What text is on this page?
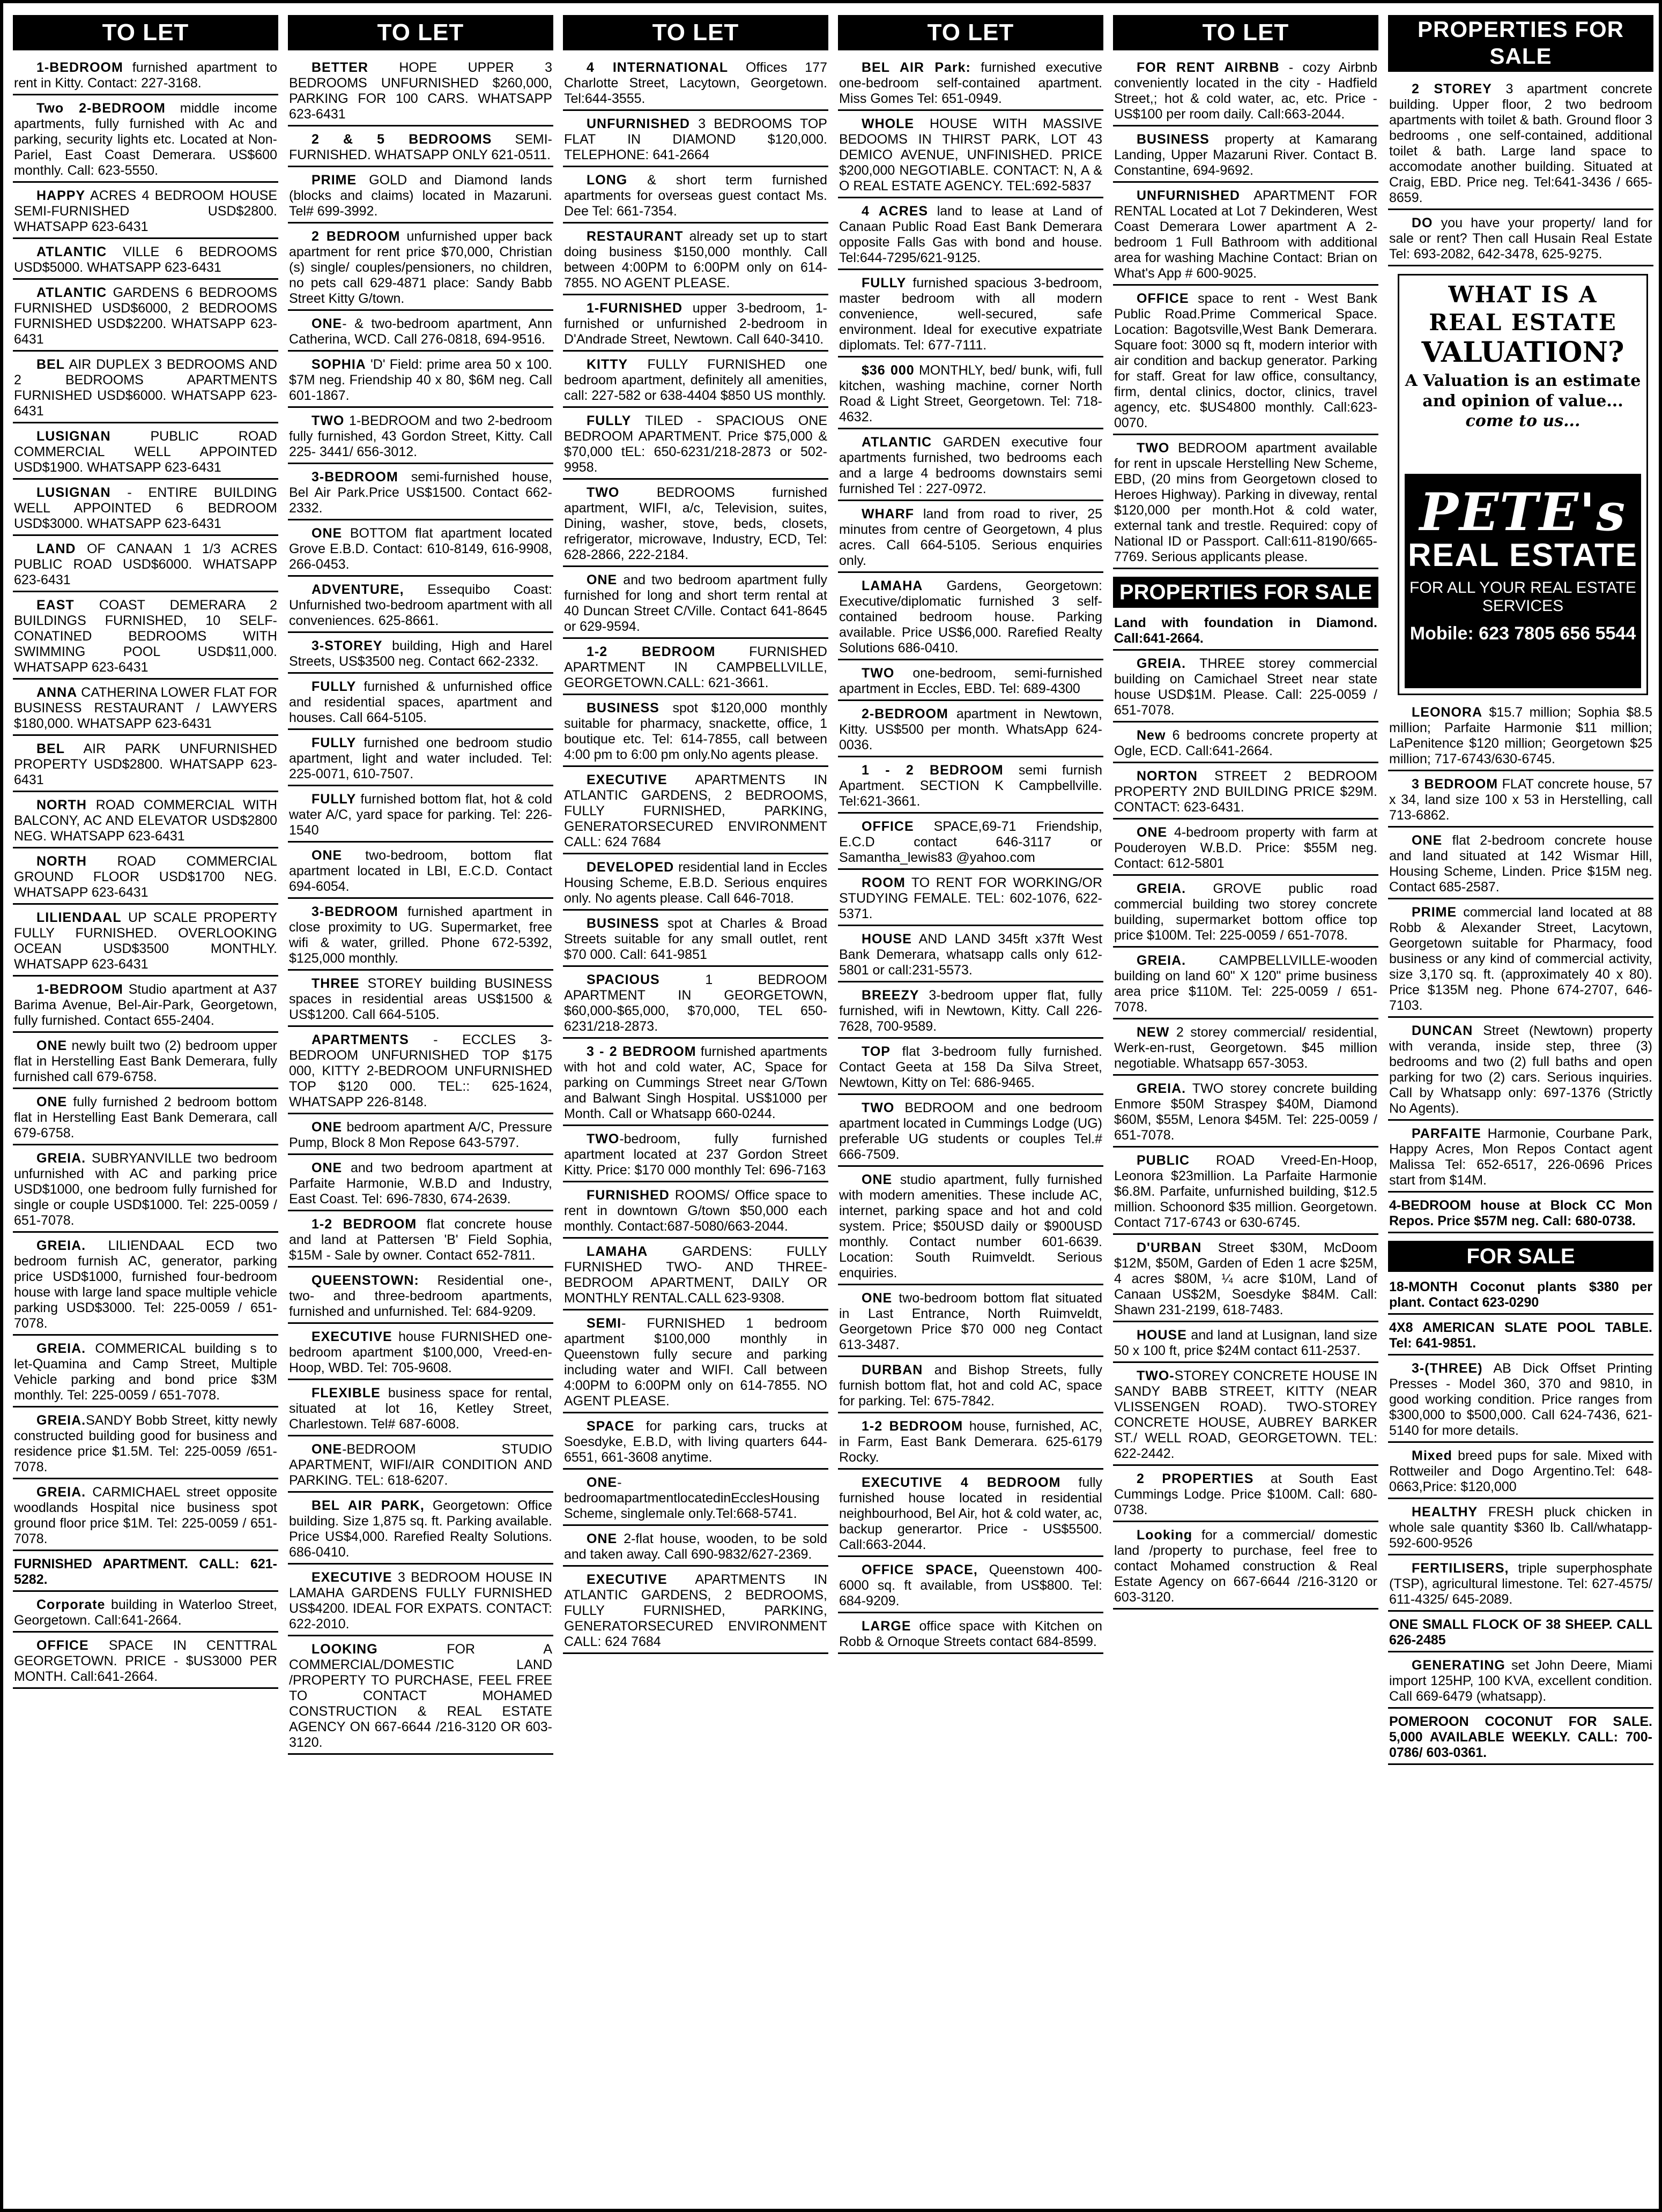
TO LET

1-BEDROOM furnished apartment to rent in Kitty. Contact: 227-3168.

Two 2-BEDROOM middle income apartments, fully furnished with Ac and parking, security lights etc. Located at Non-Pariel, East Coast Demerara. US$600 monthly. Call: 623-5550.

HAPPY ACRES 4 BEDROOM HOUSE SEMI-FURNISHED USD$2800. WHATSAPP 623-6431

ATLANTIC VILLE 6 BEDROOMS USD$5000. WHATSAPP 623-6431

ATLANTIC GARDENS 6 BEDROOMS FURNISHED USD$6000, 2 BEDROOMS FURNISHED USD$2200. WHATSAPP 623-6431

BEL AIR DUPLEX 3 BEDROOMS AND 2 BEDROOMS APARTMENTS FURNISHED USD$6000. WHATSAPP 623-6431

LUSIGNAN PUBLIC ROAD COMMERCIAL WELL APPOINTED USD$1900. WHATSAPP 623-6431

LUSIGNAN - ENTIRE BUILDING WELL APPOINTED 6 BEDROOM USD$3000. WHATSAPP 623-6431

LAND OF CANAAN 1 1/3 ACRES PUBLIC ROAD USD$6000. WHATSAPP 623-6431

EAST COAST DEMERARA 2 BUILDINGS FURNISHED, 10 SELF-CONATINED BEDROOMS WITH SWIMMING POOL USD$11,000. WHATSAPP 623-6431

ANNA CATHERINA LOWER FLAT FOR BUSINESS RESTAURANT / LAWYERS $180,000. WHATSAPP 623-6431

BEL AIR PARK UNFURNISHED PROPERTY USD$2800. WHATSAPP 623-6431

NORTH ROAD COMMERCIAL WITH BALCONY, AC AND ELEVATOR USD$2800 NEG. WHATSAPP 623-6431

NORTH ROAD COMMERCIAL GROUND FLOOR USD$1700 NEG. WHATSAPP 623-6431

LILIENDAAL UP SCALE PROPERTY FULLY FURNISHED. OVERLOOKING OCEAN USD$3500 MONTHLY. WHATSAPP 623-6431

1-BEDROOM Studio apartment at A37 Barima Avenue, Bel-Air-Park, Georgetown, fully furnished. Contact 655-2404.

ONE newly built two (2) bedroom upper flat in Herstelling East Bank Demerara, fully furnished call 679-6758.

ONE fully furnished 2 bedroom bottom flat in Herstelling East Bank Demerara, call 679-6758.

GREIA. SUBRYANVILLE two bedroom unfurnished with AC and parking price USD$1000, one bedroom fully furnished for single or couple USD$1000. Tel: 225-0059 / 651-7078.

GREIA. LILIENDAAL ECD two bedroom furnish AC, generator, parking price USD$1000, furnished four-bedroom house with large land space multiple vehicle parking USD$3000. Tel: 225-0059 / 651-7078.

GREIA. COMMERICAL building s to let-Quamina and Camp Street, Multiple Vehicle parking and bond price $3M monthly. Tel: 225-0059 / 651-7078.

GREIA.SANDY Bobb Street, kitty newly constructed building good for business and residence price $1.5M. Tel: 225-0059 /651-7078.

GREIA. CARMICHAEL street opposite woodlands Hospital nice business spot ground floor price $1M. Tel: 225-0059 / 651-7078.

FURNISHED APARTMENT. CALL: 621-5282.

Corporate building in Waterloo Street, Georgetown. Call:641-2664.

OFFICE SPACE IN CENTTRAL GEORGETOWN. PRICE - $US3000 PER MONTH. Call:641-2664.

TO LET

BETTER HOPE UPPER 3 BEDROOMS UNFURNISHED $260,000, PARKING FOR 100 CARS. WHATSAPP 623-6431

2 & 5 BEDROOMS SEMI-FURNISHED. WHATSAPP ONLY 621-0511.

PRIME GOLD and Diamond lands (blocks and claims) located in Mazaruni. Tel# 699-3992.

2 BEDROOM unfurnished upper back apartment for rent price $70,000, Christian (s) single/ couples/pensioners, no children, no pets call 629-4871 place: Sandy Babb Street Kitty G/town.

ONE- & two-bedroom apartment, Ann Catherina, WCD. Call 276-0818, 694-9516.

SOPHIA 'D' Field: prime area 50 x 100. $7M neg. Friendship 40 x 80, $6M neg. Call 601-1867.

TWO 1-BEDROOM and two 2-bedroom fully furnished, 43 Gordon Street, Kitty. Call 225- 3441/ 656-3012.

3-BEDROOM semi-furnished house, Bel Air Park.Price US$1500. Contact 662-2332.

ONE BOTTOM flat apartment located Grove E.B.D. Contact: 610-8149, 616-9908, 266-0453.

ADVENTURE, Essequibo Coast: Unfurnished two-bedroom apartment with all conveniences. 625-8661.

3-STOREY building, High and Harel Streets, US$3500 neg. Contact 662-2332.

FULLY furnished & unfurnished office and residential spaces, apartment and houses. Call 664-5105.

FULLY furnished one bedroom studio apartment, light and water included. Tel: 225-0071, 610-7507.

FULLY furnished bottom flat, hot & cold water A/C, yard space for parking. Tel: 226-1540

ONE two-bedroom, bottom flat apartment located in LBI, E.C.D. Contact 694-6054.

3-BEDROOM furnished apartment in close proximity to UG. Supermarket, free wifi & water, grilled. Phone 672-5392, $125,000 monthly.

THREE STOREY building BUSINESS spaces in residential areas US$1500 & US$1200. Call 664-5105.

APARTMENTS - ECCLES 3-BEDROOM UNFURNISHED TOP $175 000, KITTY 2-BEDROOM UNFURNISHED TOP $120 000. TEL:: 625-1624, WHATSAPP 226-8148.

ONE bedroom apartment A/C, Pressure Pump, Block 8 Mon Repose 643-5797.

ONE and two bedroom apartment at Parfaite Harmonie, W.B.D and Industry, East Coast. Tel: 696-7830, 674-2639.

1-2 BEDROOM flat concrete house and land at Pattersen 'B' Field Sophia, $15M - Sale by owner. Contact 652-7811.

QUEENSTOWN: Residential one-, two- and three-bedroom apartments, furnished and unfurnished. Tel: 684-9209.

EXECUTIVE house FURNISHED one-bedroom apartment $100,000, Vreed-en-Hoop, WBD. Tel: 705-9608.

FLEXIBLE business space for rental, situated at lot 16, Ketley Street, Charlestown. Tel# 687-6008.

ONE-BEDROOM STUDIO APARTMENT, WIFI/AIR CONDITION AND PARKING. TEL: 618-6207.

BEL AIR PARK, Georgetown: Office building. Size 1,875 sq. ft. Parking available. Price US$4,000. Rarefied Realty Solutions. 686-0410.

EXECUTIVE 3 BEDROOM HOUSE IN LAMAHA GARDENS FULLY FURNISHED US$4200. IDEAL FOR EXPATS. CONTACT: 622-2010.

LOOKING FOR A COMMERCIAL/DOMESTIC LAND /PROPERTY TO PURCHASE, FEEL FREE TO CONTACT MOHAMED CONSTRUCTION & REAL ESTATE AGENCY ON 667-6644 /216-3120 OR 603-3120.

TO LET

4 INTERNATIONAL Offices 177 Charlotte Street, Lacytown, Georgetown. Tel:644-3555.

UNFURNISHED 3 BEDROOMS TOP FLAT IN DIAMOND $120,000. TELEPHONE: 641-2664

LONG & short term furnished apartments for overseas guest contact Ms. Dee Tel: 661-7354.

RESTAURANT already set up to start doing business $150,000 monthly. Call between 4:00PM to 6:00PM only on 614-7855. NO AGENT PLEASE.

1-FURNISHED upper 3-bedroom, 1-furnished or unfurnished 2-bedroom in D'Andrade Street, Newtown. Call 640-3410.

KITTY FULLY FURNISHED one bedroom apartment, definitely all amenities, call: 227-582 or 638-4404 $850 US monthly.

FULLY TILED - SPACIOUS ONE BEDROOM APARTMENT. Price $75,000 & $70,000 tEL: 650-6231/218-2873 or 502-9958.

TWO BEDROOMS furnished apartment, WIFI, a/c, Television, suites, Dining, washer, stove, beds, closets, refrigerator, microwave, Industry, ECD, Tel: 628-2866, 222-2184.

ONE and two bedroom apartment fully furnished for long and short term rental at 40 Duncan Street C/Ville. Contact 641-8645 or 629-9594.

1-2 BEDROOM FURNISHED APARTMENT IN CAMPBELLVILLE, GEORGETOWN.CALL: 621-3661.

BUSINESS spot $120,000 monthly suitable for pharmacy, snackette, office, 1 boutique etc. Tel: 614-7855, call between 4:00 pm to 6:00 pm only.No agents please.

EXECUTIVE APARTMENTS IN ATLANTIC GARDENS, 2 BEDROOMS, FULLY FURNISHED, PARKING, GENERATORSECURED ENVIRONMENT CALL: 624 7684

DEVELOPED residential land in Eccles Housing Scheme, E.B.D. Serious enquires only. No agents please. Call 646-7018.

BUSINESS spot at Charles & Broad Streets suitable for any small outlet, rent $70 000. Call: 641-9851

SPACIOUS 1 BEDROOM APARTMENT IN GEORGETOWN, $60,000-$65,000, $70,000, TEL 650-6231/218-2873.

3 - 2 BEDROOM furnished apartments with hot and cold water, AC, Space for parking on Cummings Street near G/Town and Balwant Singh Hospital. US$1000 per Month. Call or Whatsapp 660-0244.

TWO-bedroom, fully furnished apartment located at 237 Gordon Street Kitty. Price: $170 000 monthly Tel: 696-7163

FURNISHED ROOMS/ Office space to rent in downtown G/town $50,000 each monthly. Contact:687-5080/663-2044.

LAMAHA GARDENS: FULLY FURNISHED TWO- AND THREE-BEDROOM APARTMENT, DAILY OR MONTHLY RENTAL.CALL 623-9308.

SEMI- FURNISHED 1 bedroom apartment $100,000 monthly in Queenstown fully secure and parking including water and WIFI. Call between 4:00PM to 6:00PM only on 614-7855. NO AGENT PLEASE.

SPACE for parking cars, trucks at Soesdyke, E.B.D, with living quarters 644-6551, 661-3608 anytime.

ONE-bedroomapartmentlocatedinEcclesHousingScheme, singlemale only.Tel:668-5741.

ONE 2-flat house, wooden, to be sold and taken away. Call 690-9832/627-2369.

EXECUTIVE APARTMENTS IN ATLANTIC GARDENS, 2 BEDROOMS, FULLY FURNISHED, PARKING, GENERATORSECURED ENVIRONMENT CALL: 624 7684

TO LET

BEL AIR Park: furnished executive one-bedroom self-contained apartment. Miss Gomes Tel: 651-0949.

WHOLE HOUSE WITH MASSIVE BEDOOMS IN THIRST PARK, LOT 43 DEMICO AVENUE, UNFINISHED. PRICE $200,000 NEGOTIABLE. CONTACT: N, A & O REAL ESTATE AGENCY. TEL:692-5837

4 ACRES land to lease at Land of Canaan Public Road East Bank Demerara opposite Falls Gas with bond and house. Tel:644-7295/621-9125.

FULLY furnished spacious 3-bedroom, master bedroom with all modern convenience, well-secured, safe environment. Ideal for executive expatriate diplomats. Tel: 677-7111.

$36 000 MONTHLY, bed/ bunk, wifi, full kitchen, washing machine, corner North Road & Light Street, Georgetown. Tel: 718-4632.

ATLANTIC GARDEN executive four apartments furnished, two bedrooms each and a large 4 bedrooms downstairs semi furnished Tel : 227-0972.

WHARF land from road to river, 25 minutes from centre of Georgetown, 4 plus acres. Call 664-5105. Serious enquiries only.

LAMAHA Gardens, Georgetown: Executive/diplomatic furnished 3 self-contained bedroom house. Parking available. Price US$6,000. Rarefied Realty Solutions 686-0410.

TWO one-bedroom, semi-furnished apartment in Eccles, EBD. Tel: 689-4300

2-BEDROOM apartment in Newtown, Kitty. US$500 per month. WhatsApp 624-0036.

1 - 2 BEDROOM semi furnish Apartment. SECTION K Campbellville. Tel:621-3661.

OFFICE SPACE,69-71 Friendship, E.C.D contact 646-3117 or Samantha_lewis83 @yahoo.com

ROOM TO RENT FOR WORKING/OR STUDYING FEMALE. TEL: 602-1076, 622-5371.

HOUSE AND LAND 345ft x37ft West Bank Demerara, whatsapp calls only 612-5801 or call:231-5573.

BREEZY 3-bedroom upper flat, fully furnished, wifi in Newtown, Kitty. Call 226-7628, 700-9589.

TOP flat 3-bedroom fully furnished. Contact Geeta at 158 Da Silva Street, Newtown, Kitty on Tel: 686-9465.

TWO BEDROOM and one bedroom apartment located in Cummings Lodge (UG) preferable UG students or couples Tel.# 666-7509.

ONE studio apartment, fully furnished with modern amenities. These include AC, internet, parking space and hot and cold system. Price; $50USD daily or $900USD monthly. Contact number 601-6639. Location: South Ruimveldt. Serious enquiries.

ONE two-bedroom bottom flat situated in Last Entrance, North Ruimveldt, Georgetown Price $70 000 neg Contact 613-3487.

DURBAN and Bishop Streets, fully furnish bottom flat, hot and cold AC, space for parking. Tel: 675-7842.

1-2 BEDROOM house, furnished, AC, in Farm, East Bank Demerara. 625-6179 Rocky.

EXECUTIVE 4 BEDROOM fully furnished house located in residential neighbourhood, Bel Air, hot & cold water, ac, backup generartor. Price - US$5500. Call:663-2044.

OFFICE SPACE, Queenstown 400-6000 sq. ft available, from US$800. Tel: 684-9209.

LARGE office space with Kitchen on Robb & Ornoque Streets contact 684-8599.

TO LET

FOR RENT AIRBNB - cozy Airbnb conveniently located in the city - Hadfield Street,; hot & cold water, ac, etc. Price - US$100 per room daily. Call:663-2044.

BUSINESS property at Kamarang Landing, Upper Mazaruni River. Contact B. Constantine, 694-9692.

UNFURNISHED APARTMENT FOR RENTAL Located at Lot 7 Dekinderen, West Coast Demerara Lower apartment A 2-bedroom 1 Full Bathroom with additional area for washing Machine Contact: Brian on What's App # 600-9025.

OFFICE space to rent - West Bank Public Road.Prime Commerical Space. Location: Bagotsville,West Bank Demerara. Square foot: 3000 sq ft, modern interior with air condition and backup generator. Parking for staff. Great for law office, consultancy, firm, dental clinics, doctor, clinics, travel agency, etc. $US4800 monthly. Call:623-0070.

TWO BEDROOM apartment available for rent in upscale Herstelling New Scheme, EBD, (20 mins from Georgetown closed to Heroes Highway). Parking in diveway, rental $120,000 per month.Hot & cold water, external tank and trestle. Required: copy of National ID or Passport. Call:611-8190/665-7769. Serious applicants please.

PROPERTIES FOR SALE

Land with foundation in Diamond. Call:641-2664.

GREIA. THREE storey commercial building on Camichael Street near state house USD$1M. Please. Call: 225-0059 / 651-7078.

New 6 bedrooms concrete property at Ogle, ECD. Call:641-2664.

NORTON STREET 2 BEDROOM PROPERTY 2ND BUILDING PRICE $29M. CONTACT: 623-6431.

ONE 4-bedroom property with farm at Pouderoyen W.B.D. Price: $55M neg. Contact: 612-5801

GREIA. GROVE public road commercial building two storey concrete building, supermarket bottom office top price $100M. Tel: 225-0059 / 651-7078.

GREIA. CAMPBELLVILLE-wooden building on land 60" X 120" prime business area price $110M. Tel: 225-0059 / 651-7078.

NEW 2 storey commercial/ residential, Werk-en-rust, Georgetown. $45 million negotiable. Whatsapp 657-3053.

GREIA. TWO storey concrete building Enmore $50M Straspey $40M, Diamond $60M, $55M, Lenora $45M. Tel: 225-0059 / 651-7078.

PUBLIC ROAD Vreed-En-Hoop, Leonora $23million. La Parfaite Harmonie $6.8M. Parfaite, unfurnished building, $12.5 million. Schoonord $35 million. Georgetown. Contact 717-6743 or 630-6745.

D'URBAN Street $30M, McDoom $12M, $50M, Garden of Eden 1 acre $25M, 4 acres $80M, ¼ acre $10M, Land of Canaan US$2M, Soesdyke $84M. Call: Shawn 231-2199, 618-7483.

HOUSE and land at Lusignan, land size 50 x 100 ft, price $24M contact 611-2537.

TWO-STOREY CONCRETE HOUSE IN SANDY BABB STREET, KITTY (NEAR VLISSENGEN ROAD). TWO-STOREY CONCRETE HOUSE, AUBREY BARKER ST./ WELL ROAD, GEORGETOWN. TEL: 622-2442.

2 PROPERTIES at South East Cummings Lodge. Price $100M. Call: 680-0738.

Looking for a commercial/ domestic land /property to purchase, feel free to contact Mohamed construction & Real Estate Agency on 667-6644 /216-3120 or 603-3120.

PROPERTIES FOR SALE

2 STOREY 3 apartment concrete building. Upper floor, 2 two bedroom apartments with toilet & bath. Ground floor 3 bedrooms , one self-contained, additional toilet & bath. Large land space to accomodate another building. Situated at Craig, EBD. Price neg. Tel:641-3436 / 665-8659.

DO you have your property/ land for sale or rent? Then call Husain Real Estate Tel: 693-2082, 642-3478, 625-9275.

WHAT IS A
REAL ESTATE
VALUATION?
A Valuation is an estimate and opinion of value...
come to us...
PETE's
REAL ESTATE
FOR ALL YOUR REAL ESTATE SERVICES
Mobile: 623 7805 656 5544

LEONORA $15.7 million; Sophia $8.5 million; Parfaite Harmonie $11 million; LaPenitence $120 million; Georgetown $25 million; 717-6743/630-6745.

3 BEDROOM FLAT concrete house, 57 x 34, land size 100 x 53 in Herstelling, call 713-6862.

ONE flat 2-bedroom concrete house and land situated at 142 Wismar Hill, Housing Scheme, Linden. Price $15M neg. Contact 685-2587.

PRIME commercial land located at 88 Robb & Alexander Street, Lacytown, Georgetown suitable for Pharmacy, food business or any kind of commercial activity, size 3,170 sq. ft. (approximately 40 x 80). Price $135M neg. Phone 674-2707, 646-7103.

DUNCAN Street (Newtown) property with veranda, inside step, three (3) bedrooms and two (2) full baths and open parking for two (2) cars. Serious inquiries. Call by Whatsapp only: 697-1376 (Strictly No Agents).

PARFAITE Harmonie, Courbane Park, Happy Acres, Mon Repos Contact agent Malissa Tel: 652-6517, 226-0696 Prices start from $14M.

4-BEDROOM house at Block CC Mon Repos. Price $57M neg. Call: 680-0738.

FOR SALE

18-MONTH Coconut plants $380 per plant. Contact 623-0290

4X8 AMERICAN SLATE POOL TABLE. Tel: 641-9851.

3-(THREE) AB Dick Offset Printing Presses - Model 360, 370 and 9810, in good working condition. Price ranges from $300,000 to $500,000. Call 624-7436, 621-5140 for more details.

Mixed breed pups for sale. Mixed with Rottweiler and Dogo Argentino.Tel: 648-0663,Price: $120,000

HEALTHY FRESH pluck chicken in whole sale quantity $360 lb. Call/whatapp- 592-600-9526

FERTILISERS, triple superphosphate (TSP), agricultural limestone. Tel: 627-4575/ 611-4325/ 645-2089.

ONE SMALL FLOCK OF 38 SHEEP. CALL 626-2485

GENERATING set John Deere, Miami import 125HP, 100 KVA, excellent condition. Call 669-6479 (whatsapp).

POMEROON COCONUT FOR SALE. 5,000 AVAILABLE WEEKLY. CALL: 700-0786/ 603-0361.
